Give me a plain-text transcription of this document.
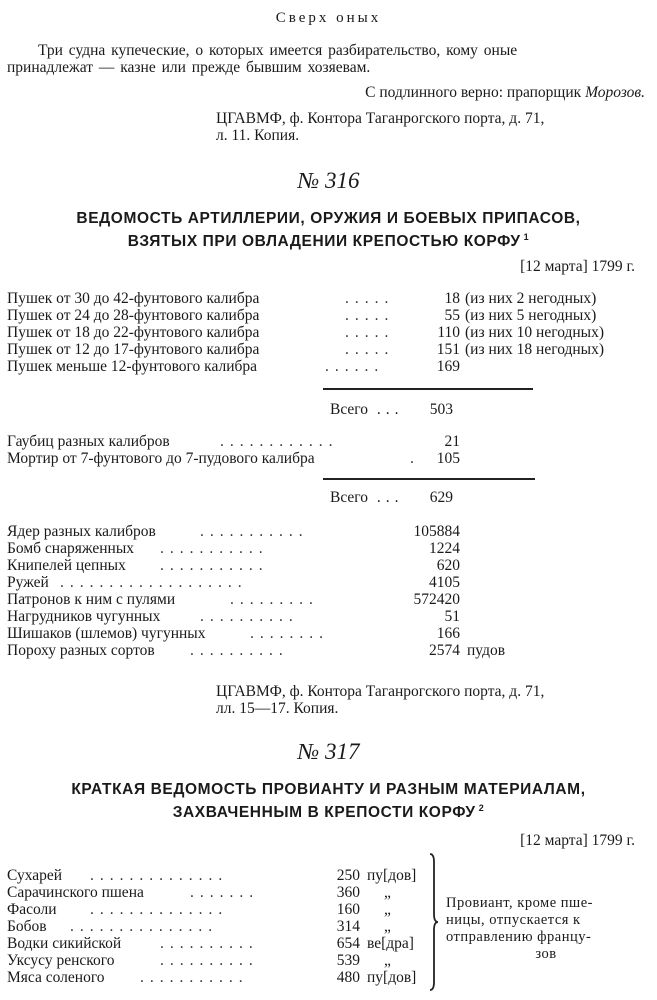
Сверх оных
Три судна купеческие, о которых имеется разбирательство, кому оные
принадлежат — казне или прежде бывшим хозяевам.
С подлинного верно: прапорщик Морозов.
ЦГАВМФ, ф. Контора Таганрогского порта, д. 71,
л. 11. Копия.
№ 316
ВЕДОМОСТЬ АРТИЛЛЕРИИ, ОРУЖИЯ И БОЕВЫХ ПРИПАСОВ,
ВЗЯТЫХ ПРИ ОВЛАДЕНИИ КРЕПОСТЬЮ КОРФУ $^1$
[12 марта] 1799 г.
Пушек от 30 до 42-фунтового калибра	.....	18 (из них 2 негодных)
Пушек от 24 до 28-фунтового калибра	.....	55 (из них 5 негодных)
Пушек от 18 до 22-фунтового калибра	.....	110 (из них 10 негодных)
Пушек от 12 до 17-фунтового калибра	.....	151 (из них 18 негодных)
Пушек меньше 12-фунтового калибра	......	169
Всего ...	503
Гаубиц разных калибров	............	21
Мортир от 7-фунтового до 7-пудового калибра	.	105
Всего ...	629
Ядер разных калибров	...........	105884
Бомб снаряженных ...........	1224
Книпелей цепных ...........	620
Ружей ...................	4105
Патронов к ним с пулями	.........	572420
Нагрудников чугунных	..........	51
Шишаков (шлемов) чугунных	........	166
Пороху разных сортов ..........	2574 пудов
ЦГАВМФ, ф. Контора Таганрогского порта, д. 71,
лл. 15—17. Копия.
№ 317
КРАТКАЯ ВЕДОМОСТЬ ПРОВИАНТУ И РАЗНЫМ МАТЕРИАЛАМ,
ЗАХВАЧЕННЫМ В КРЕПОСТИ КОРФУ $^2$
[12 марта] 1799 г.
Сухарей ..............	250 пу[дов]
Сарачинского пшена	.......	360 „
Фасоли ..............	160 „
Бобов ...............	314 „
Водки сикийской	..........	654 ве[дра]
Уксусу ренского	..........	539 „
Мяса соленого ...........	480 пу[дов]
Провиант, кроме пше-
ницы, отпускается к
отправлению францу-
зов
